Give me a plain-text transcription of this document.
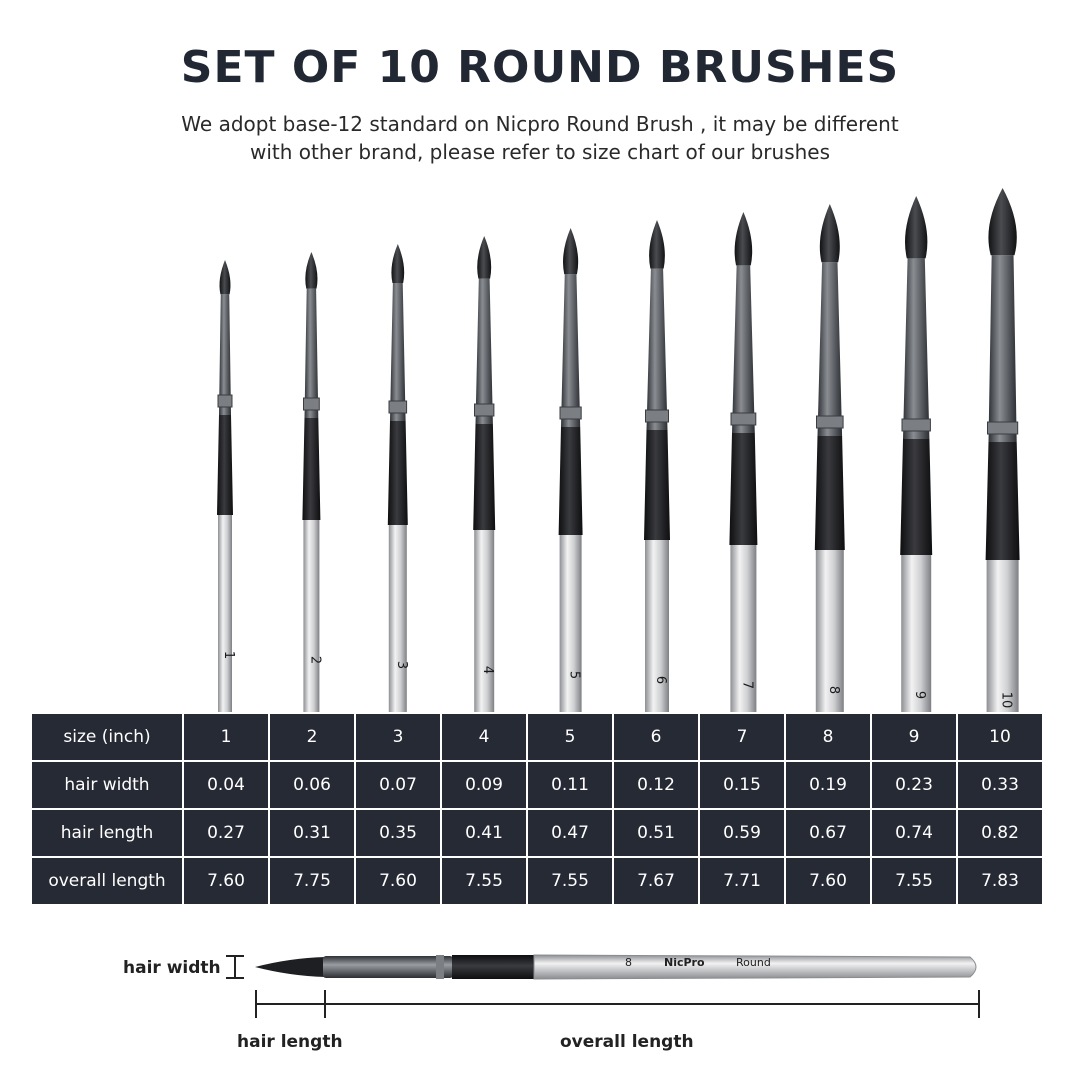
SET OF 10 ROUND BRUSHES
We adopt base-12 standard on Nicpro Round Brush , it may be different
with other brand, please refer to size chart of our brushes
1
2
3
4
5
6
7
8
9	10
size (inch)	1	2	3	4	5	6	7	8	9	10
hair width	0.04	0.06	0.07	0.09	0.11	0.12	0.15	0.19	0.23	0.33
hair length	0.27	0.31	0.35	0.41	0.47	0.51	0.59	0.67	0.74	0.82
overall length	7.60	7.75	7.60	7.55	7.55	7.67	7.71	7.60	7.55	7.83
hair width
hair length	overall length
8	NicPro	Round
